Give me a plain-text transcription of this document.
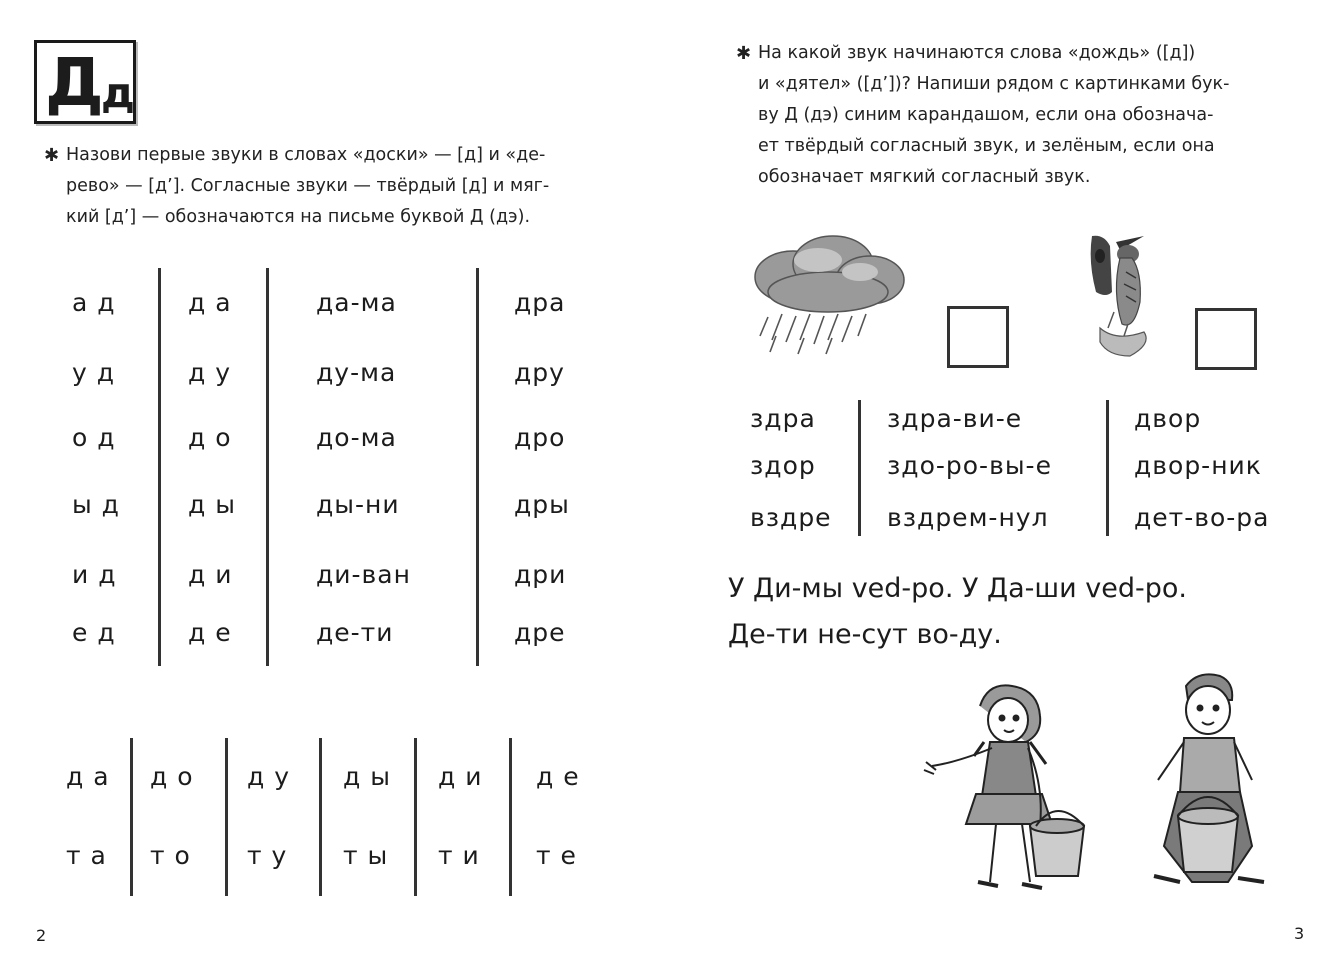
Д
д
✱ Назови первые звуки в словах «доски» — [д] и «де-
рево» — [д’]. Согласные звуки — твёрдый [д] и мяг-
кий [д’] — обозначаются на письме буквой Д (дэ).
а д
у д
о д
ы д
и д
е д
д а
д у
д о
д ы
д и
д е
да-ма
ду-ма
до-ма
ды-ни
ди-ван
де-ти
дра
дру
дро
дры
дри
дре
д а
т а
д о
т о
д у
т у
д ы
т ы
д и
т и
д е
т е
2
✱ На какой звук начинаются слова «дождь» ([д])
и «дятел» ([д’])? Напиши рядом с картинками бук-
ву Д (дэ) синим карандашом, если она обознача-
ет твёрдый согласный звук, и зелёным, если она
обозначает мягкий согласный звук.
здра
здор
вздре
здра-ви-е
здо-ро-вы-е
вздрем-нул
двор
двор-ник
дет-во-ра
У Ди-мы ved-ро. У Да-ши ved-ро.
Де-ти не-сут во-ду.
3
